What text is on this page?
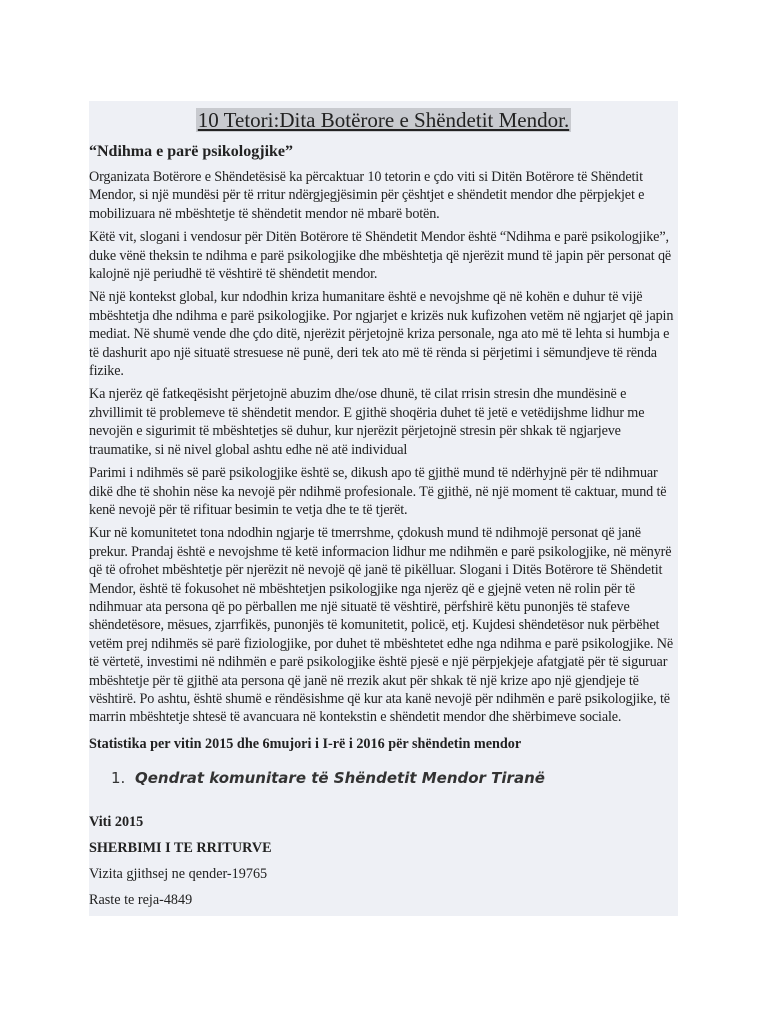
10 Tetori:Dita Botërore e Shëndetit Mendor.
“Ndihma e parë psikologjike”

Organizata Botërore e Shëndetësisë ka përcaktuar 10 tetorin e çdo viti si Ditën Botërore të Shëndetit Mendor, si një mundësi për të rritur ndërgjegjësimin për çështjet e shëndetit mendor dhe përpjekjet e mobilizuara në mbështetje të shëndetit mendor në mbarë botën.

Këtë vit, slogani i vendosur për Ditën Botërore të Shëndetit Mendor është “Ndihma e parë psikologjike”, duke vënë theksin te ndihma e parë psikologjike dhe mbështetja që njerëzit mund të japin për personat që kalojnë një periudhë të vështirë të shëndetit mendor.

Në një kontekst global, kur ndodhin kriza humanitare është e nevojshme që në kohën e duhur të vijë mbështetja dhe ndihma e parë psikologjike. Por ngjarjet e krizës nuk kufizohen vetëm në ngjarjet që japin mediat. Në shumë vende dhe çdo ditë, njerëzit përjetojnë kriza personale, nga ato më të lehta si humbja e të dashurit apo një situatë stresuese në punë, deri tek ato më të rënda si përjetimi i sëmundjeve të rënda fizike.

Ka njerëz që fatkeqësisht përjetojnë abuzim dhe/ose dhunë, të cilat rrisin stresin dhe mundësinë e zhvillimit të problemeve të shëndetit mendor. E gjithë shoqëria duhet të jetë e vetëdijshme lidhur me nevojën e sigurimit të mbështetjes së duhur, kur njerëzit përjetojnë stresin për shkak të ngjarjeve traumatike, si në nivel global ashtu edhe në atë individual

Parimi i ndihmës së parë psikologjike është se, dikush apo të gjithë mund të ndërhyjnë për të ndihmuar dikë dhe të shohin nëse ka nevojë për ndihmë profesionale. Të gjithë, në një moment të caktuar, mund të kenë nevojë për të rifituar besimin te vetja dhe te të tjerët.

Kur në komunitetet tona ndodhin ngjarje të tmerrshme, çdokush mund të ndihmojë personat që janë prekur. Prandaj është e nevojshme të ketë informacion lidhur me ndihmën e parë psikologjike, në mënyrë që të ofrohet mbështetje për njerëzit në nevojë që janë të pikëlluar. Slogani i Ditës Botërore të Shëndetit Mendor, është të fokusohet në mbështetjen psikologjike nga njerëz që e gjejnë veten në rolin për të ndihmuar ata persona që po përballen me një situatë të vështirë, përfshirë këtu punonjës të stafeve shëndetësore, mësues, zjarrfikës, punonjës të komunitetit, policë, etj. Kujdesi shëndetësor nuk përbëhet vetëm prej ndihmës së parë fiziologjike, por duhet të mbështetet edhe nga ndihma e parë psikologjike. Në të vërtetë, investimi në ndihmën e parë psikologjike është pjesë e një përpjekjeje afatgjatë për të siguruar mbështetje për të gjithë ata persona që janë në rrezik akut për shkak të një krize apo një gjendjeje të vështirë. Po ashtu, është shumë e rëndësishme që kur ata kanë nevojë për ndihmën e parë psikologjike, të marrin mbështetje shtesë të avancuara në kontekstin e shëndetit mendor dhe shërbimeve sociale.

Statistika per vitin 2015 dhe 6mujori i I-rë i 2016 për shëndetin mendor

1. Qendrat komunitare të Shëndetit Mendor Tiranë

Viti 2015

SHERBIMI I TE RRITURVE

Vizita gjithsej ne qender-19765

Raste te reja-4849
